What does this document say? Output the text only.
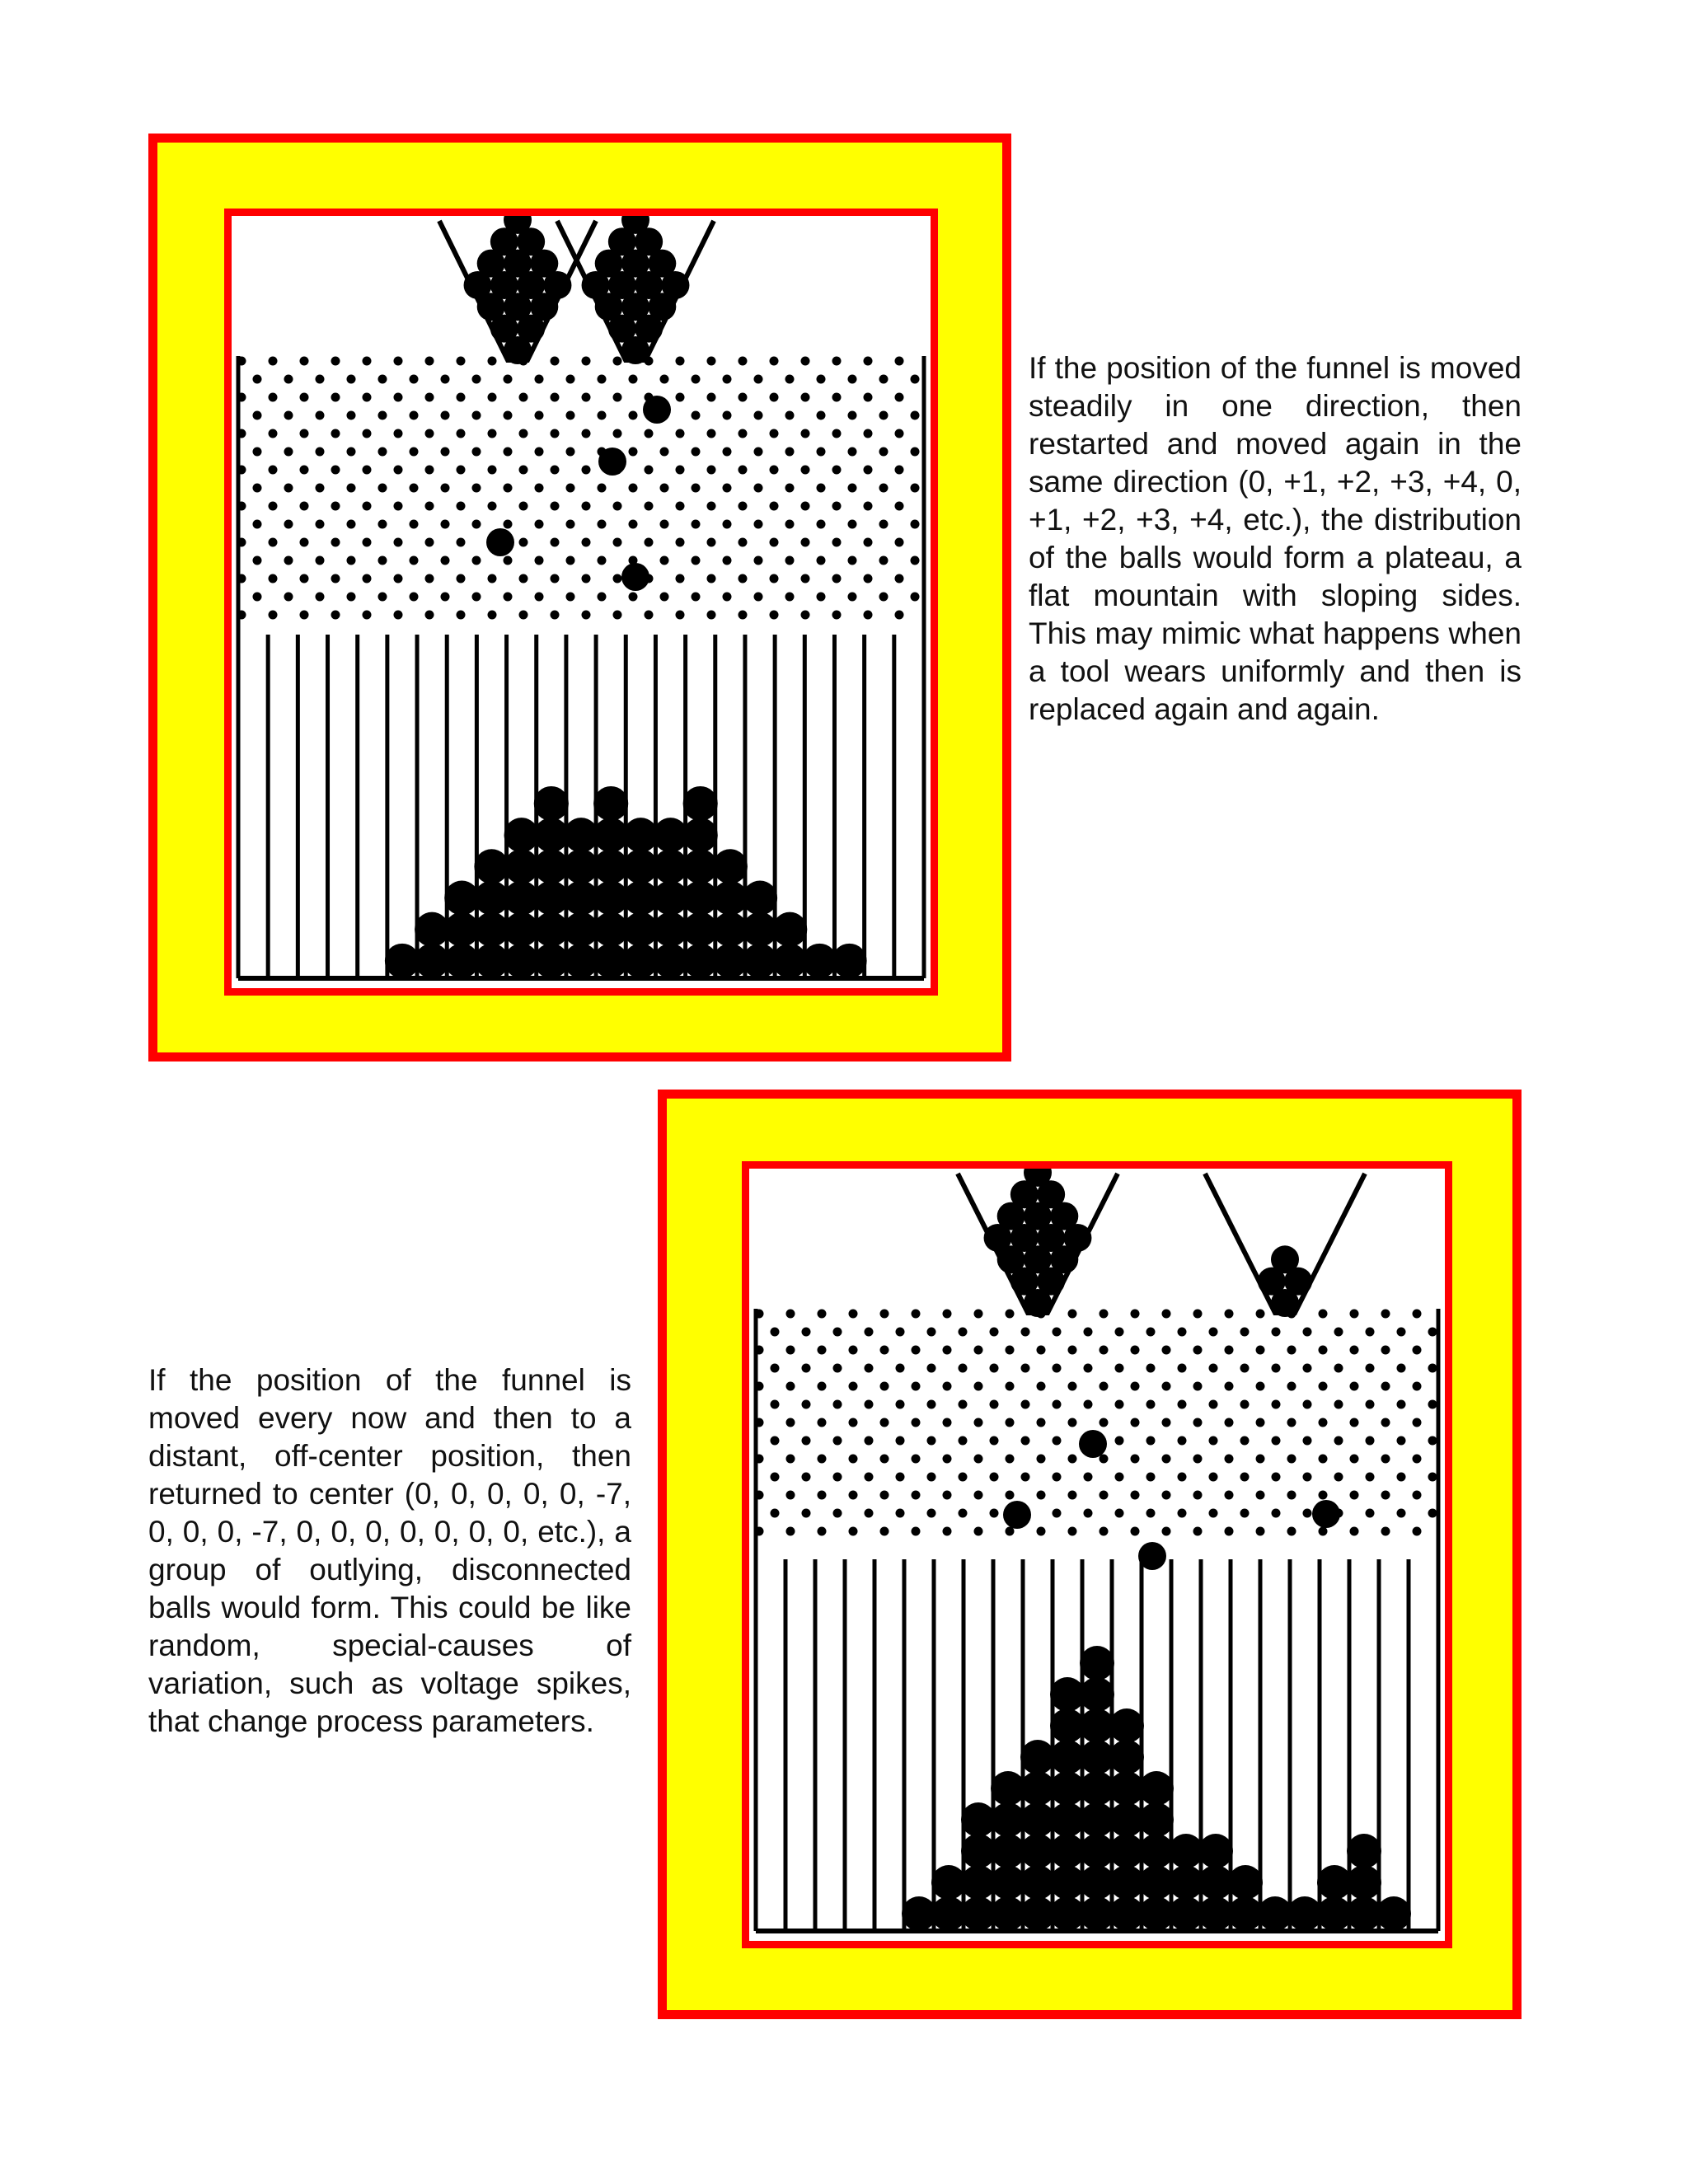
If the position of the funnel is moved steadily in one direction, then restarted and moved again in the same direction (0, +1, +2, +3, +4, 0, +1, +2, +3, +4, etc.), the distribution of the balls would form a plateau, a flat mountain with sloping sides. This may mimic what happens when a tool wears uniformly and then is replaced again and again.

If the position of the funnel is moved every now and then to a distant, off-center position, then returned to center (0, 0, 0, 0, 0, -7, 0, 0, 0, -7, 0, 0, 0, 0, 0, 0, 0, etc.), a group of outlying, disconnected balls would form. This could be like random, special-causes of variation, such as voltage spikes, that change process parameters.
